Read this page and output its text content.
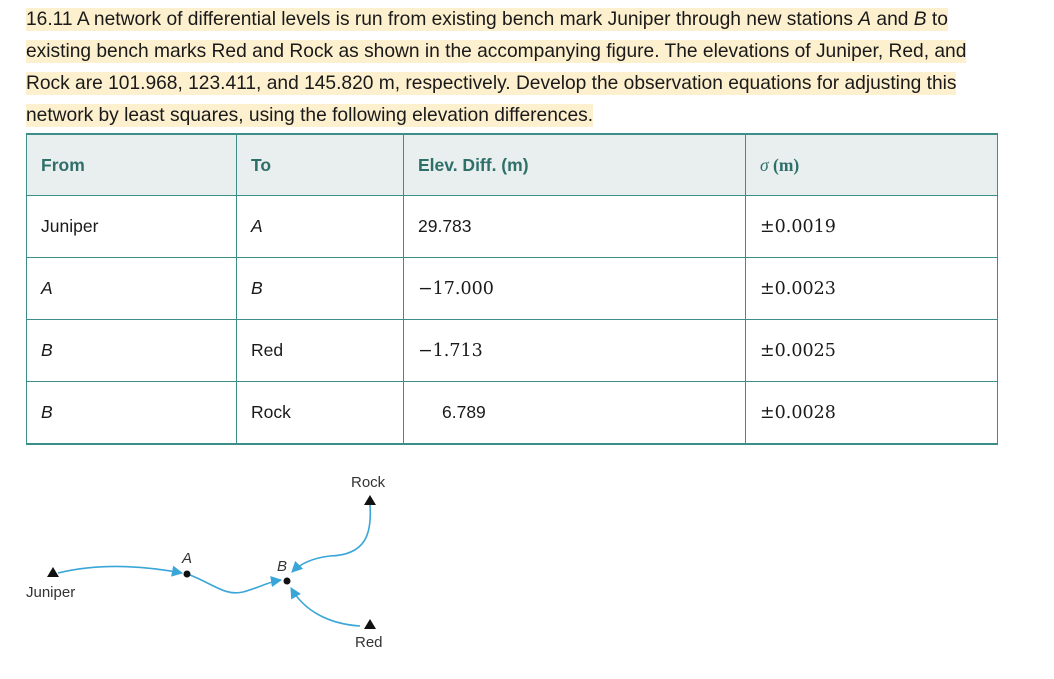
16.11 A network of differential levels is run from existing bench mark Juniper through new stations A and B to existing bench marks Red and Rock as shown in the accompanying figure. The elevations of Juniper, Red, and Rock are 101.968, 123.411, and 145.820 m, respectively. Develop the observation equations for adjusting this network by least squares, using the following elevation differences.

From	To	Elev. Diff. (m)	σ (m)
Juniper	A	29.783	±0.0019
A	B	−17.000	±0.0023
B	Red	−1.713	±0.0025
B	Rock	6.789	±0.0028
Juniper
A	B
Rock
Red
